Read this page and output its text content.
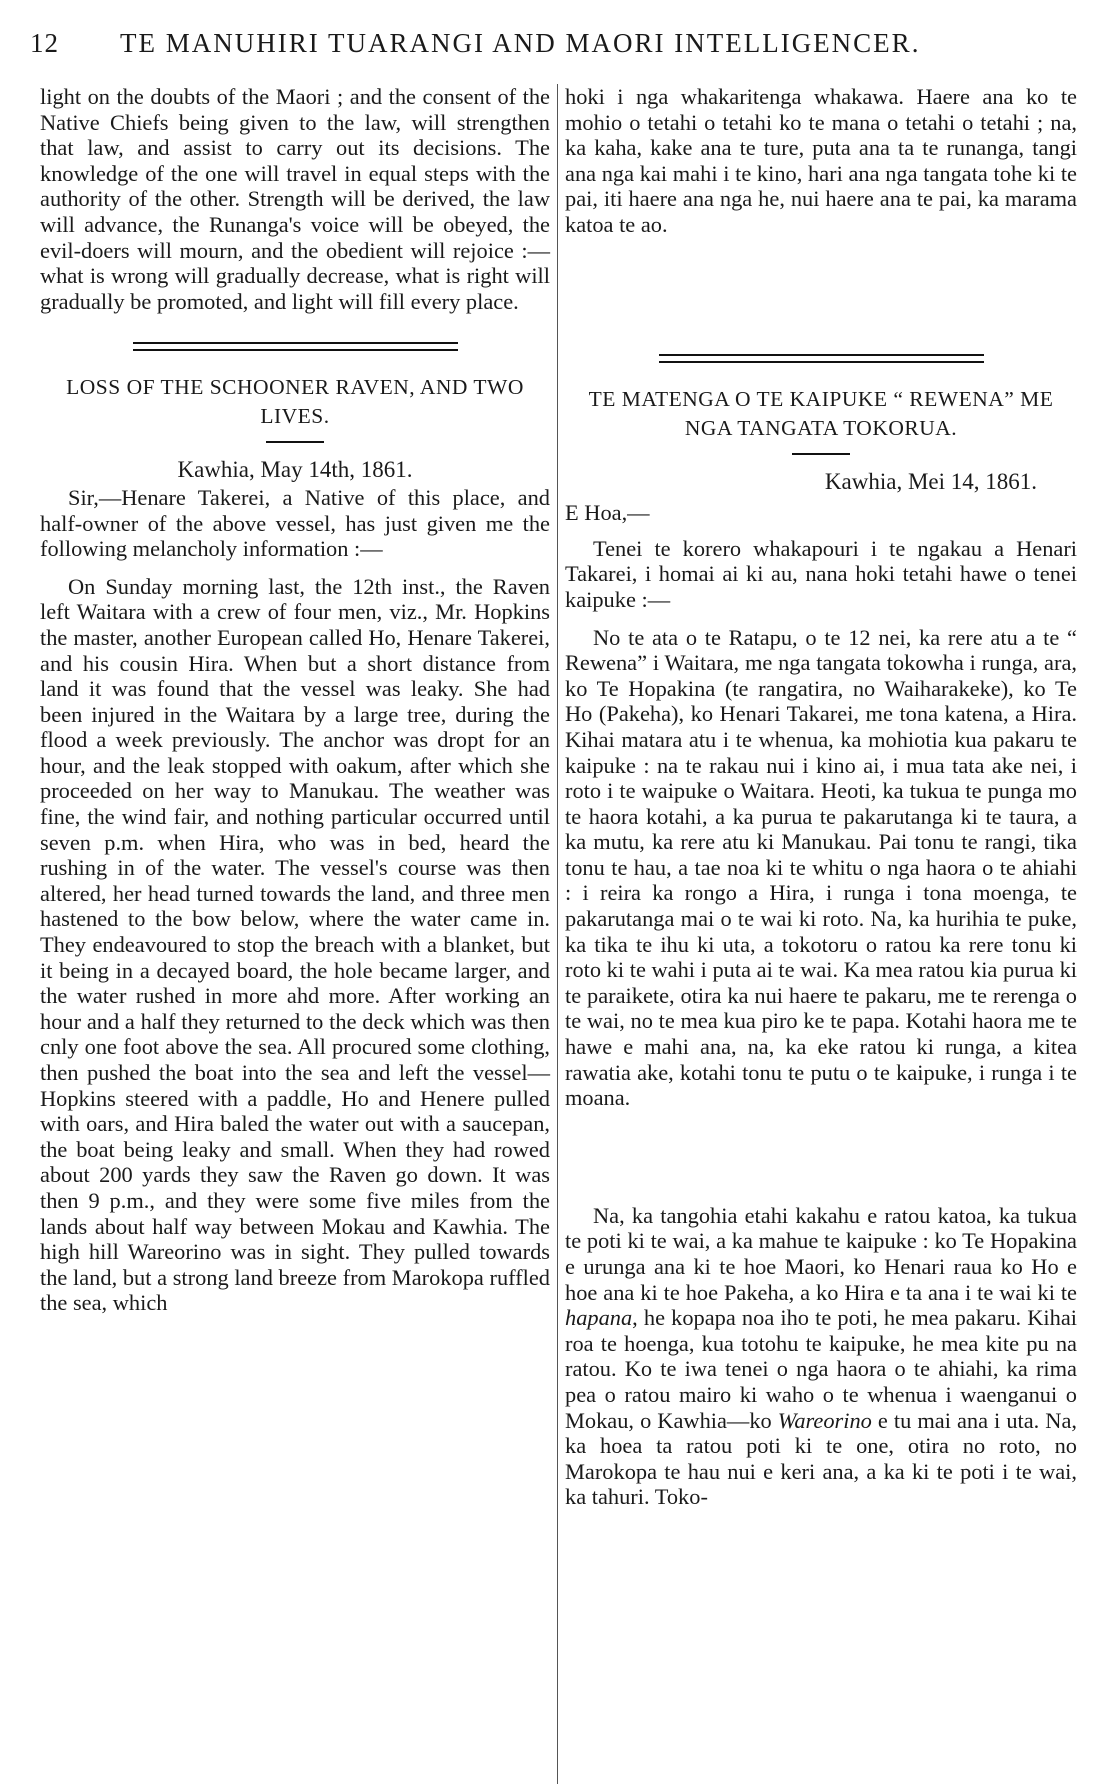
12	TE MANUHIRI TUARANGI AND MAORI INTELLIGENCER.

light on the doubts of the Maori ; and the consent of the Native Chiefs being given to the law, will strengthen that law, and assist to carry out its decisions. The knowledge of the one will travel in equal steps with the authority of the other. Strength will be derived, the law will advance, the Runanga's voice will be obeyed, the evil-doers will mourn, and the obedient will rejoice :— what is wrong will gradually decrease, what is right will gradually be promoted, and light will fill every place.

LOSS OF THE SCHOONER RAVEN, AND TWO LIVES.

Kawhia, May 14th, 1861.

Sir,—Henare Takerei, a Native of this place, and half-owner of the above vessel, has just given me the following melancholy information :—

On Sunday morning last, the 12th inst., the Raven left Waitara with a crew of four men, viz., Mr. Hopkins the master, another European called Ho, Henare Takerei, and his cousin Hira. When but a short distance from land it was found that the vessel was leaky. She had been injured in the Waitara by a large tree, during the flood a week previously. The anchor was dropt for an hour, and the leak stopped with oakum, after which she proceeded on her way to Manukau. The weather was fine, the wind fair, and nothing particular occurred until seven p.m. when Hira, who was in bed, heard the rushing in of the water. The vessel's course was then altered, her head turned towards the land, and three men hastened to the bow below, where the water came in. They endeavoured to stop the breach with a blanket, but it being in a decayed board, the hole became larger, and the water rushed in more ahd more. After working an hour and a half they returned to the deck which was then cnly one foot above the sea. All procured some clothing, then pushed the boat into the sea and left the vessel—Hopkins steered with a paddle, Ho and Henere pulled with oars, and Hira baled the water out with a saucepan, the boat being leaky and small. When they had rowed about 200 yards they saw the Raven go down. It was then 9 p.m., and they were some five miles from the lands about half way between Mokau and Kawhia. The high hill Wareorino was in sight. They pulled towards the land, but a strong land breeze from Marokopa ruffled the sea, which

hoki i nga whakaritenga whakawa. Haere ana ko te mohio o tetahi o tetahi ko te mana o tetahi o tetahi ; na, ka kaha, kake ana te ture, puta ana ta te runanga, tangi ana nga kai mahi i te kino, hari ana nga tangata tohe ki te pai, iti haere ana nga he, nui haere ana te pai, ka marama katoa te ao.

TE MATENGA O TE KAIPUKE “ REWENA” ME NGA TANGATA TOKORUA.

Kawhia, Mei 14, 1861.

E Hoa,—

Tenei te korero whakapouri i te ngakau a Henari Takarei, i homai ai ki au, nana hoki tetahi hawe o tenei kaipuke :—

No te ata o te Ratapu, o te 12 nei, ka rere atu a te “ Rewena” i Waitara, me nga tangata tokowha i runga, ara, ko Te Hopakina (te rangatira, no Waiharakeke), ko Te Ho (Pakeha), ko Henari Takarei, me tona katena, a Hira. Kihai matara atu i te whenua, ka mohiotia kua pakaru te kaipuke : na te rakau nui i kino ai, i mua tata ake nei, i roto i te waipuke o Waitara. Heoti, ka tukua te punga mo te haora kotahi, a ka purua te pakarutanga ki te taura, a ka mutu, ka rere atu ki Manukau. Pai tonu te rangi, tika tonu te hau, a tae noa ki te whitu o nga haora o te ahiahi : i reira ka rongo a Hira, i runga i tona moenga, te pakarutanga mai o te wai ki roto. Na, ka hurihia te puke, ka tika te ihu ki uta, a tokotoru o ratou ka rere tonu ki roto ki te wahi i puta ai te wai. Ka mea ratou kia purua ki te paraikete, otira ka nui haere te pakaru, me te rerenga o te wai, no te mea kua piro ke te papa. Kotahi haora me te hawe e mahi ana, na, ka eke ratou ki runga, a kitea rawatia ake, kotahi tonu te putu o te kaipuke, i runga i te moana.

Na, ka tangohia etahi kakahu e ratou katoa, ka tukua te poti ki te wai, a ka mahue te kaipuke : ko Te Hopakina e urunga ana ki te hoe Maori, ko Henari raua ko Ho e hoe ana ki te hoe Pakeha, a ko Hira e ta ana i te wai ki te hapana, he kopapa noa iho te poti, he mea pakaru. Kihai roa te hoenga, kua totohu te kaipuke, he mea kite pu na ratou. Ko te iwa tenei o nga haora o te ahiahi, ka rima pea o ratou mairo ki waho o te whenua i waenganui o Mokau, o Kawhia—ko Wareorino e tu mai ana i uta. Na, ka hoea ta ratou poti ki te one, otira no roto, no Marokopa te hau nui e keri ana, a ka ki te poti i te wai, ka tahuri. Toko-
